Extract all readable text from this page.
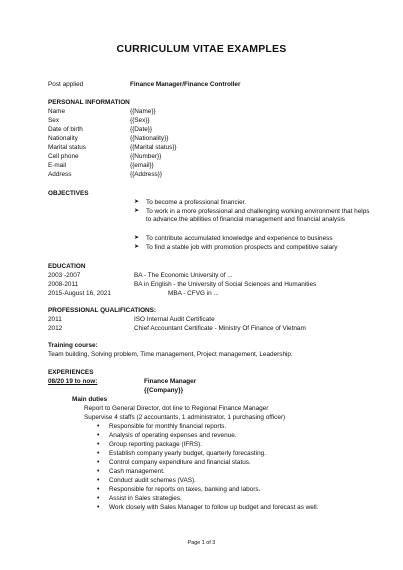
CURRICULUM VITAE EXAMPLES
Post applied	Finance Manager/Finance Controller
PERSONAL INFORMATION
Name	{{Name}}
Sex	{{Sex}}
Date of birth	{{Date}}
Nationality	{{Nationality}}
Marital status	{{Marital status}}
Cell phone	{{Number}}
E-mail	{{email}}
Address	{{Address}}
OBJECTIVES
➤ To become a professional financier.
➤ To work in a more professional and challenging working environment that helps to advance the abilities of financial management and financial analysis
➤ To contribute accumulated knowledge and experience to business
➤ To find a stable job with promotion prospects and competitive salary
EDUCATION
2003 -2007	BA - The Economic University of ...
2008-2011	BA in English - the University of Social Sciences and Humanities
2015-August 16, 2021	MBA - CFVG in ...
PROFESSIONAL QUALIFICATIONS:
2011	ISO Internal Audit Certificate
2012	Chief Accountant Certificate - Ministry Of Finance of Vietnam
Training course:
Team building, Solving problem, Time management, Project management, Leadership.
EXPERIENCES
08/20 19 to now:	Finance Manager
{{Company}}
Main duties
Report to General Director, dot line to Regional Finance Manager
Supervise 4 staffs (2 accountants, 1 administrator, 1 purchasing officer)
• Responsible for monthly financial reports.
• Analysis of operating expenses and revenue.
• Group reporting package (IFRS).
• Establish company yearly budget, quarterly forecasting.
• Control company expenditure and financial status.
• Cash management.
• Conduct audit schemes (VAS).
• Responsible for reports on taxes, banking and labors.
• Assist in Sales strategies.
• Work closely with Sales Manager to follow up budget and forecast as well.
Page 1 of 3
